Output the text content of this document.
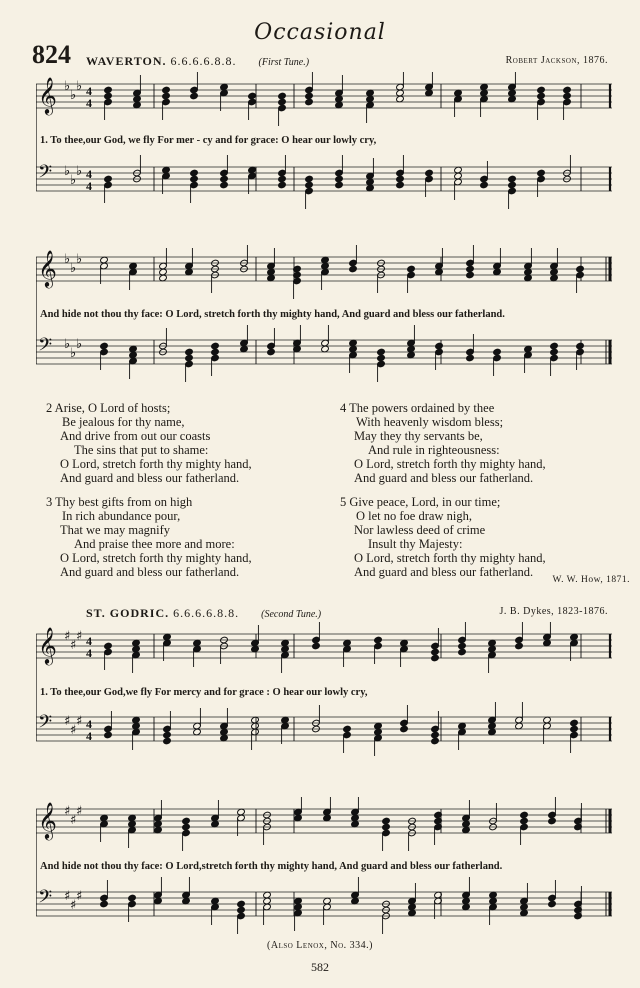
Occasional
824 WAVERTON. 6.6.6.6.8.8. (First Tune.)	Robert Jackson, 1876.
𝄞 ♭
♭
♭ 4
4
𝄢 ♭
♭
♭ 4
4
1. To thee,our God, we fly For mer - cy and for grace: O hear our lowly cry,
𝄞 ♭
♭
♭
𝄢 ♭
♭
♭
And hide not thou thy face: O Lord, stretch forth thy mighty hand, And guard and bless our fatherland.
2 Arise, O Lord of hosts;
Be jealous for thy name,
And drive from out our coasts
The sins that put to shame:
O Lord, stretch forth thy mighty hand,
And guard and bless our fatherland.
3 Thy best gifts from on high
In rich abundance pour,
That we may magnify
And praise thee more and more:
O Lord, stretch forth thy mighty hand,
And guard and bless our fatherland.
4 The powers ordained by thee
With heavenly wisdom bless;
May they thy servants be,
And rule in righteousness:
O Lord, stretch forth thy mighty hand,
And guard and bless our fatherland.
5 Give peace, Lord, in our time;
O let no foe draw nigh,
Nor lawless deed of crime
Insult thy Majesty:
O Lord, stretch forth thy mighty hand,
And guard and bless our fatherland.
W. W. How, 1871.
ST. GODRIC. 6.6.6.6.8.8. (Second Tune.)	J. B. Dykes, 1823-1876.
𝄞 ♯
♯
♯ 4
4
𝄢 ♯
♯
♯ 4
4
1. To thee,our God,we fly For mercy and for grace : O hear our lowly cry,
𝄞 ♯
♯
♯
𝄢 ♯
♯
♯
And hide not thou thy face: O Lord,stretch forth thy mighty hand, And guard and bless our fatherland.
(Also Lenox, No. 334.)
582
